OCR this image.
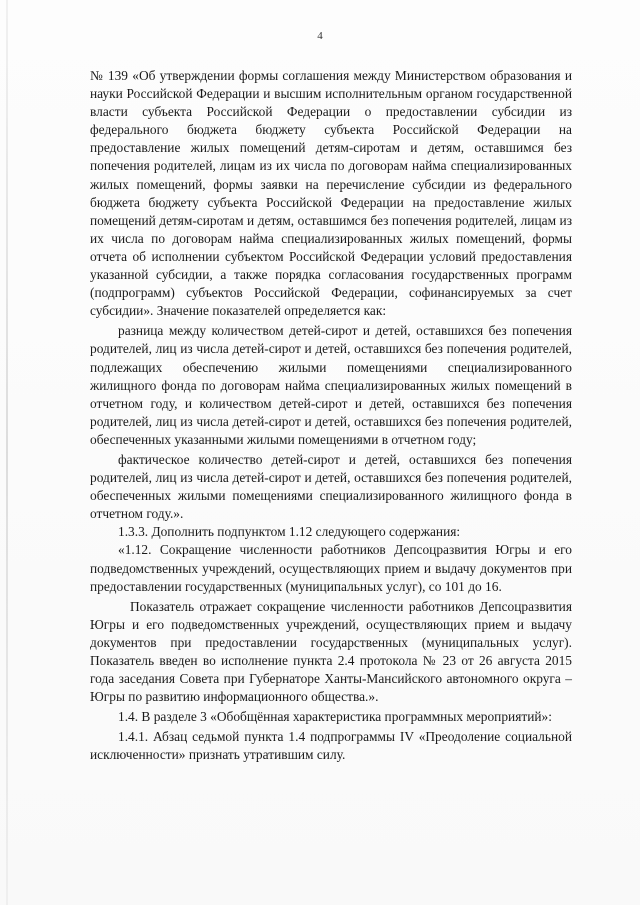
4

№ 139 «Об утверждении формы соглашения между Министерством образования и науки Российской Федерации и высшим исполнительным органом государственной власти субъекта Российской Федерации о предоставлении субсидии из федерального бюджета бюджету субъекта Российской Федерации на предоставление жилых помещений детям-сиротам и детям, оставшимся без попечения родителей, лицам из их числа по договорам найма специализированных жилых помещений, формы заявки на перечисление субсидии из федерального бюджета бюджету субъекта Российской Федерации на предоставление жилых помещений детям-сиротам и детям, оставшимся без попечения родителей, лицам из их числа по договорам найма специализированных жилых помещений, формы отчета об исполнении субъектом Российской Федерации условий предоставления указанной субсидии, а также порядка согласования государственных программ (подпрограмм) субъектов Российской Федерации, софинансируемых за счет субсидии». Значение показателей определяется как:

разница между количеством детей-сирот и детей, оставшихся без попечения родителей, лиц из числа детей-сирот и детей, оставшихся без попечения родителей, подлежащих обеспечению жилыми помещениями специализированного жилищного фонда по договорам найма специализированных жилых помещений в отчетном году, и количеством детей-сирот и детей, оставшихся без попечения родителей, лиц из числа детей-сирот и детей, оставшихся без попечения родителей, обеспеченных указанными жилыми помещениями в отчетном году;

фактическое количество детей-сирот и детей, оставшихся без попечения родителей, лиц из числа детей-сирот и детей, оставшихся без попечения родителей, обеспеченных жилыми помещениями специализированного жилищного фонда в отчетном году.».

1.3.3. Дополнить подпунктом 1.12 следующего содержания:

«1.12. Сокращение численности работников Депсоцразвития Югры и его подведомственных учреждений, осуществляющих прием и выдачу документов при предоставлении государственных (муниципальных услуг), со 101 до 16.

Показатель отражает сокращение численности работников Депсоцразвития Югры и его подведомственных учреждений, осуществляющих прием и выдачу документов при предоставлении государственных (муниципальных услуг). Показатель введен во исполнение пункта 2.4 протокола № 23 от 26 августа 2015 года заседания Совета при Губернаторе Ханты-Мансийского автономного округа – Югры по развитию информационного общества.».

1.4. В разделе 3 «Обобщённая характеристика программных мероприятий»:

1.4.1. Абзац седьмой пункта 1.4 подпрограммы IV «Преодоление социальной исключенности» признать утратившим силу.
